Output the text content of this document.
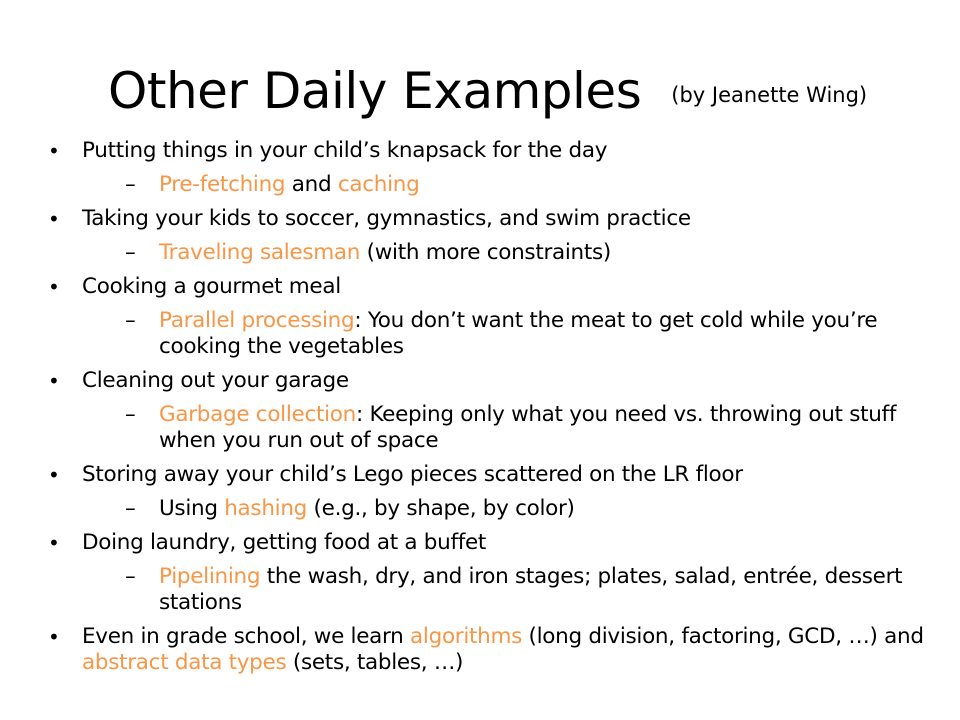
Other Daily Examples (by Jeanette Wing)
• Putting things in your child’s knapsack for the day
– Pre-fetching and caching
• Taking your kids to soccer, gymnastics, and swim practice
– Traveling salesman (with more constraints)
• Cooking a gourmet meal
– Parallel processing: You don’t want the meat to get cold while you’re cooking the vegetables
• Cleaning out your garage
– Garbage collection: Keeping only what you need vs. throwing out stuff when you run out of space
• Storing away your child’s Lego pieces scattered on the LR floor
– Using hashing (e.g., by shape, by color)
• Doing laundry, getting food at a buffet
– Pipelining the wash, dry, and iron stages; plates, salad, entrée, dessert stations
• Even in grade school, we learn algorithms (long division, factoring, GCD, …) and abstract data types (sets, tables, …)
